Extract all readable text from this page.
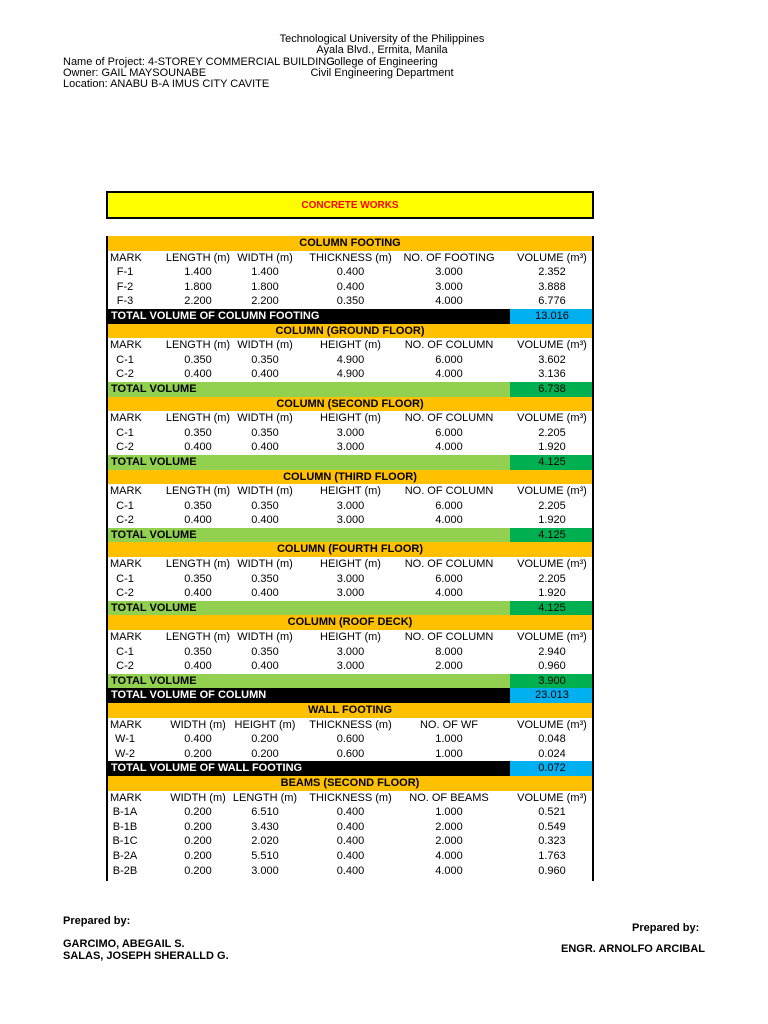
Technological University of the Philippines
Ayala Blvd., Ermita, Manila
College of Engineering
Civil Engineering Department
Name of Project: 4-STOREY COMMERCIAL BUILDING
Owner: GAIL MAYSOUNABE
Location: ANABU B-A IMUS CITY CAVITE
CONCRETE WORKS
COLUMN FOOTING
MARK	LENGTH (m) WIDTH (m)	THICKNESS (m)	NO. OF FOOTING	VOLUME (m³)
F-1	1.400	1.400	0.400	3.000	2.352
F-2	1.800	1.800	0.400	3.000	3.888
F-3	2.200	2.200	0.350	4.000	6.776
TOTAL VOLUME OF COLUMN FOOTING	13.016
COLUMN (GROUND FLOOR)
MARK	LENGTH (m) WIDTH (m)	HEIGHT (m)	NO. OF COLUMN	VOLUME (m³)
C-1	0.350	0.350	4.900	6.000	3.602
C-2	0.400	0.400	4.900	4.000	3.136
TOTAL VOLUME	6.738
COLUMN (SECOND FLOOR)
MARK	LENGTH (m) WIDTH (m)	HEIGHT (m)	NO. OF COLUMN	VOLUME (m³)
C-1	0.350	0.350	3.000	6.000	2.205
C-2	0.400	0.400	3.000	4.000	1.920
TOTAL VOLUME	4.125
COLUMN (THIRD FLOOR)
MARK	LENGTH (m) WIDTH (m)	HEIGHT (m)	NO. OF COLUMN	VOLUME (m³)
C-1	0.350	0.350	3.000	6.000	2.205
C-2	0.400	0.400	3.000	4.000	1.920
TOTAL VOLUME	4.125
COLUMN (FOURTH FLOOR)
MARK	LENGTH (m) WIDTH (m)	HEIGHT (m)	NO. OF COLUMN	VOLUME (m³)
C-1	0.350	0.350	3.000	6.000	2.205
C-2	0.400	0.400	3.000	4.000	1.920
TOTAL VOLUME	4.125
COLUMN (ROOF DECK)
MARK	LENGTH (m) WIDTH (m)	HEIGHT (m)	NO. OF COLUMN	VOLUME (m³)
C-1	0.350	0.350	3.000	8.000	2.940
C-2	0.400	0.400	3.000	2.000	0.960
TOTAL VOLUME	3.900
TOTAL VOLUME OF COLUMN	23.013
WALL FOOTING
MARK	WIDTH (m) HEIGHT (m)	THICKNESS (m)	NO. OF WF	VOLUME (m³)
W-1	0.400	0.200	0.600	1.000	0.048
W-2	0.200	0.200	0.600	1.000	0.024
TOTAL VOLUME OF WALL FOOTING	0.072
BEAMS (SECOND FLOOR)
MARK	WIDTH (m) LENGTH (m)	THICKNESS (m)	NO. OF BEAMS	VOLUME (m³)
B-1A	0.200	6.510	0.400	1.000	0.521
B-1B	0.200	3.430	0.400	2.000	0.549
B-1C	0.200	2.020	0.400	2.000	0.323
B-2A	0.200	5.510	0.400	4.000	1.763
B-2B	0.200	3.000	0.400	4.000	0.960
Prepared by:
GARCIMO, ABEGAIL S.
SALAS, JOSEPH SHERALLD G.
Prepared by:
ENGR. ARNOLFO ARCIBAL
